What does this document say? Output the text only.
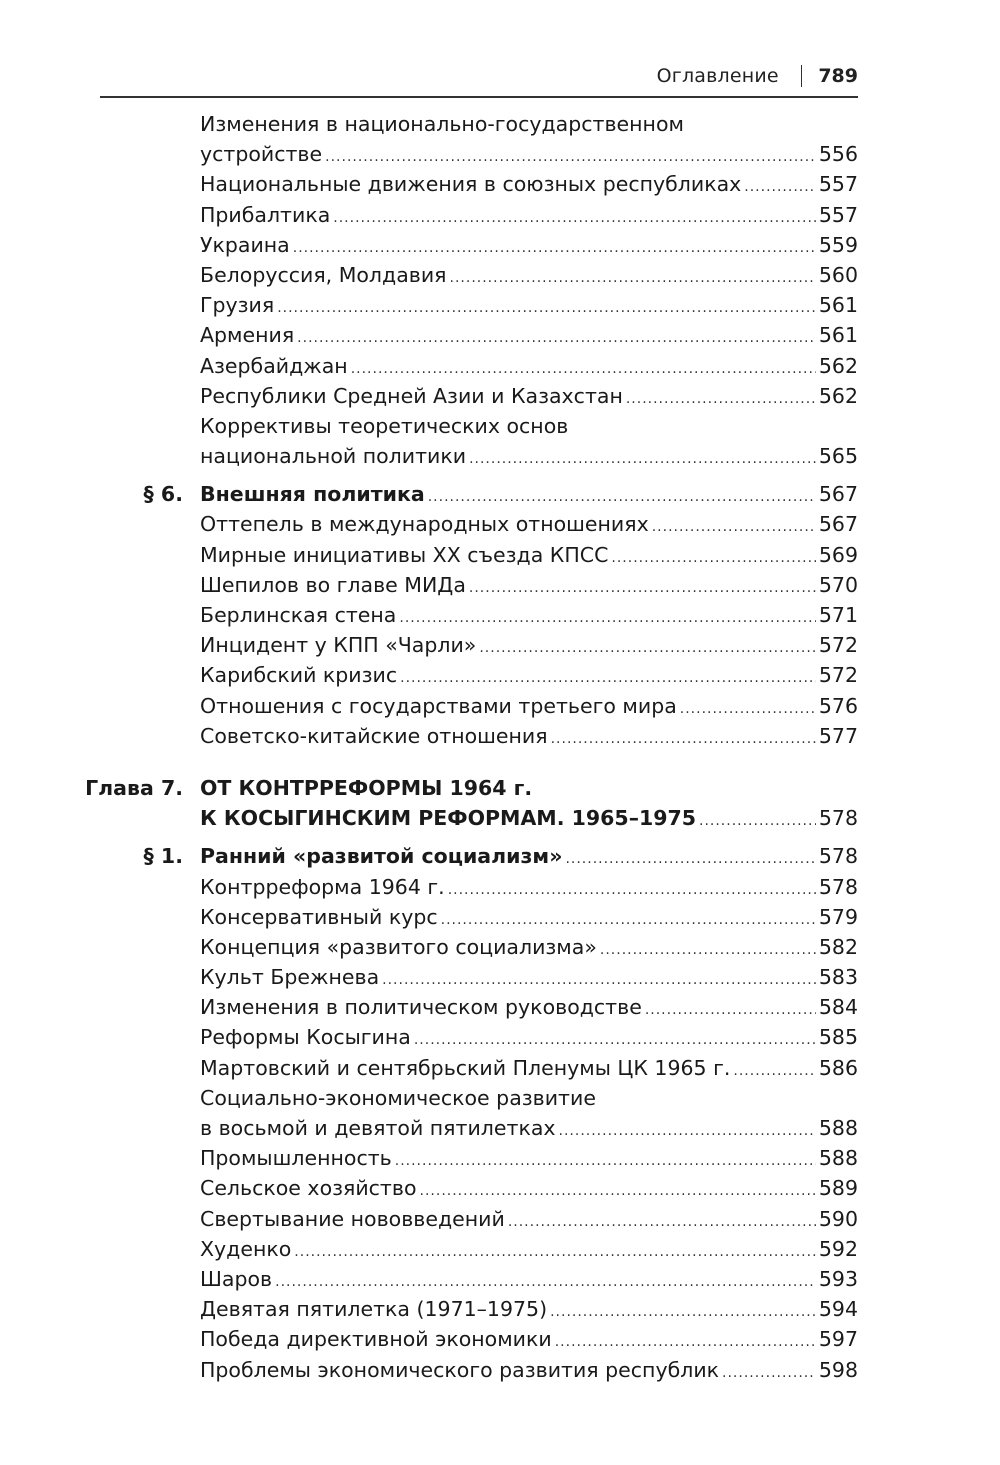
Оглавление 789
Изменения в национально-государственном
устройстве .....	556
Национальные движения в союзных республиках .....	557
Прибалтика .....	557
Украина .....	559
Белоруссия, Молдавия .....	560
Грузия .....	561
Армения .....	561
Азербайджан .....	562
Республики Средней Азии и Казахстан .....	562
Коррективы теоретических основ
национальной политики .....	565
§ 6. Внешняя политика .....	567
Оттепель в международных отношениях .....	567
Мирные инициативы ХХ съезда КПСС .....	569
Шепилов во главе МИДа .....	570
Берлинская стена .....	571
Инцидент у КПП «Чарли» .....	572
Карибский кризис .....	572
Отношения с государствами третьего мира .....	576
Советско-китайские отношения .....	577
Глава 7. ОТ КОНТРРЕФОРМЫ 1964 г.
К КОСЫГИНСКИМ РЕФОРМАМ. 1965–1975 .....	578
§ 1. Ранний «развитой социализм» .....	578
Контрреформа 1964 г. .....	578
Консервативный курс .....	579
Концепция «развитого социализма» .....	582
Культ Брежнева .....	583
Изменения в политическом руководстве .....	584
Реформы Косыгина .....	585
Мартовский и сентябрьский Пленумы ЦК 1965 г. .....	586
Социально-экономическое развитие
в восьмой и девятой пятилетках .....	588
Промышленность .....	588
Сельское хозяйство .....	589
Свертывание нововведений .....	590
Худенко .....	592
Шаров .....	593
Девятая пятилетка (1971–1975) .....	594
Победа директивной экономики .....	597
Проблемы экономического развития республик .....	598
